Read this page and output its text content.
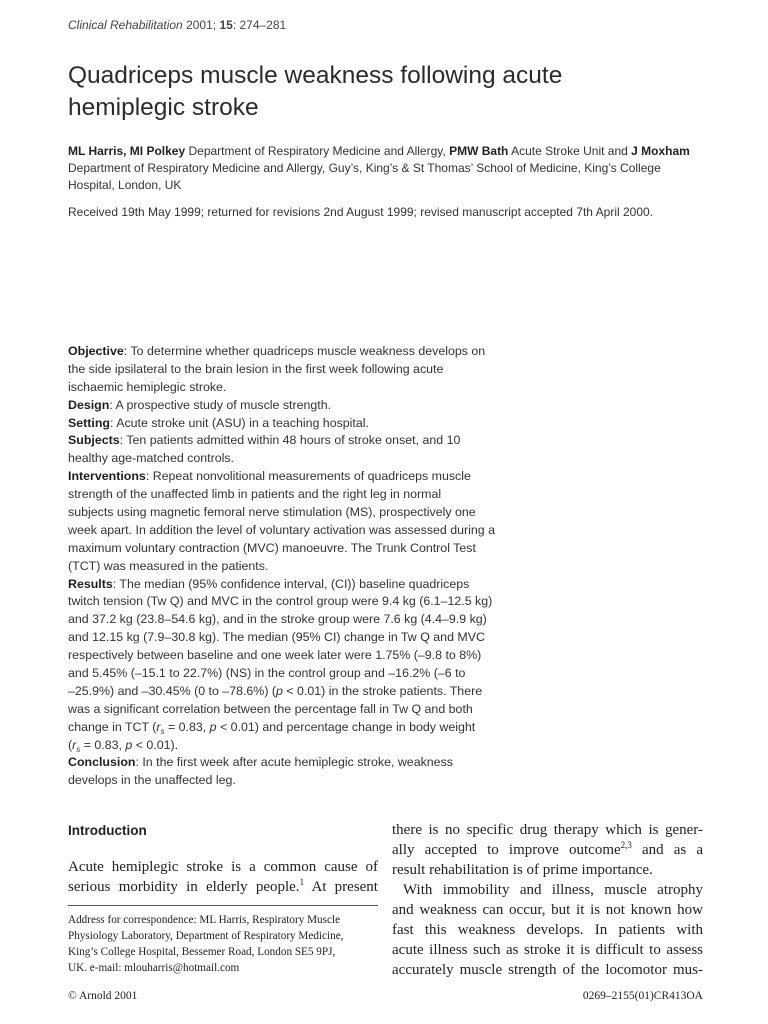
Clinical Rehabilitation 2001; 15: 274–281
Quadriceps muscle weakness following acute
hemiplegic stroke
ML Harris, MI Polkey Department of Respiratory Medicine and Allergy, PMW Bath Acute Stroke Unit and J Moxham
Department of Respiratory Medicine and Allergy, Guy’s, King’s & St Thomas’ School of Medicine, King’s College
Hospital, London, UK
Received 19th May 1999; returned for revisions 2nd August 1999; revised manuscript accepted 7th April 2000.
Objective: To determine whether quadriceps muscle weakness develops on
the side ipsilateral to the brain lesion in the first week following acute
ischaemic hemiplegic stroke.
Design: A prospective study of muscle strength.
Setting: Acute stroke unit (ASU) in a teaching hospital.
Subjects: Ten patients admitted within 48 hours of stroke onset, and 10
healthy age-matched controls.
Interventions: Repeat nonvolitional measurements of quadriceps muscle
strength of the unaffected limb in patients and the right leg in normal
subjects using magnetic femoral nerve stimulation (MS), prospectively one
week apart. In addition the level of voluntary activation was assessed during a
maximum voluntary contraction (MVC) manoeuvre. The Trunk Control Test
(TCT) was measured in the patients.
Results: The median (95% confidence interval, (CI)) baseline quadriceps
twitch tension (Tw Q) and MVC in the control group were 9.4 kg (6.1–12.5 kg)
and 37.2 kg (23.8–54.6 kg), and in the stroke group were 7.6 kg (4.4–9.9 kg)
and 12.15 kg (7.9–30.8 kg). The median (95% CI) change in Tw Q and MVC
respectively between baseline and one week later were 1.75% (–9.8 to 8%)
and 5.45% (–15.1 to 22.7%) (NS) in the control group and –16.2% (–6 to
–25.9%) and –30.45% (0 to –78.6%) (p < 0.01) in the stroke patients. There
was a significant correlation between the percentage fall in Tw Q and both
change in TCT ($r_s = 0.83$, p < 0.01) and percentage change in body weight
($r_s = 0.83$, p < 0.01).
Conclusion: In the first week after acute hemiplegic stroke, weakness
develops in the unaffected leg.
Introduction
Acute hemiplegic stroke is a common cause of
serious morbidity in elderly people.$^1$ At present
Address for correspondence: ML Harris, Respiratory Muscle
Physiology Laboratory, Department of Respiratory Medicine,
King’s College Hospital, Bessemer Road, London SE5 9PJ,
UK. e-mail: mlouharris@hotmail.com
there is no specific drug therapy which is gener-
ally accepted to improve outcome$^{2,3}$ and as a
result rehabilitation is of prime importance.
With immobility and illness, muscle atrophy
and weakness can occur, but it is not known how
fast this weakness develops. In patients with
acute illness such as stroke it is difficult to assess
accurately muscle strength of the locomotor mus-
© Arnold 2001	0269–2155(01)CR413OA
